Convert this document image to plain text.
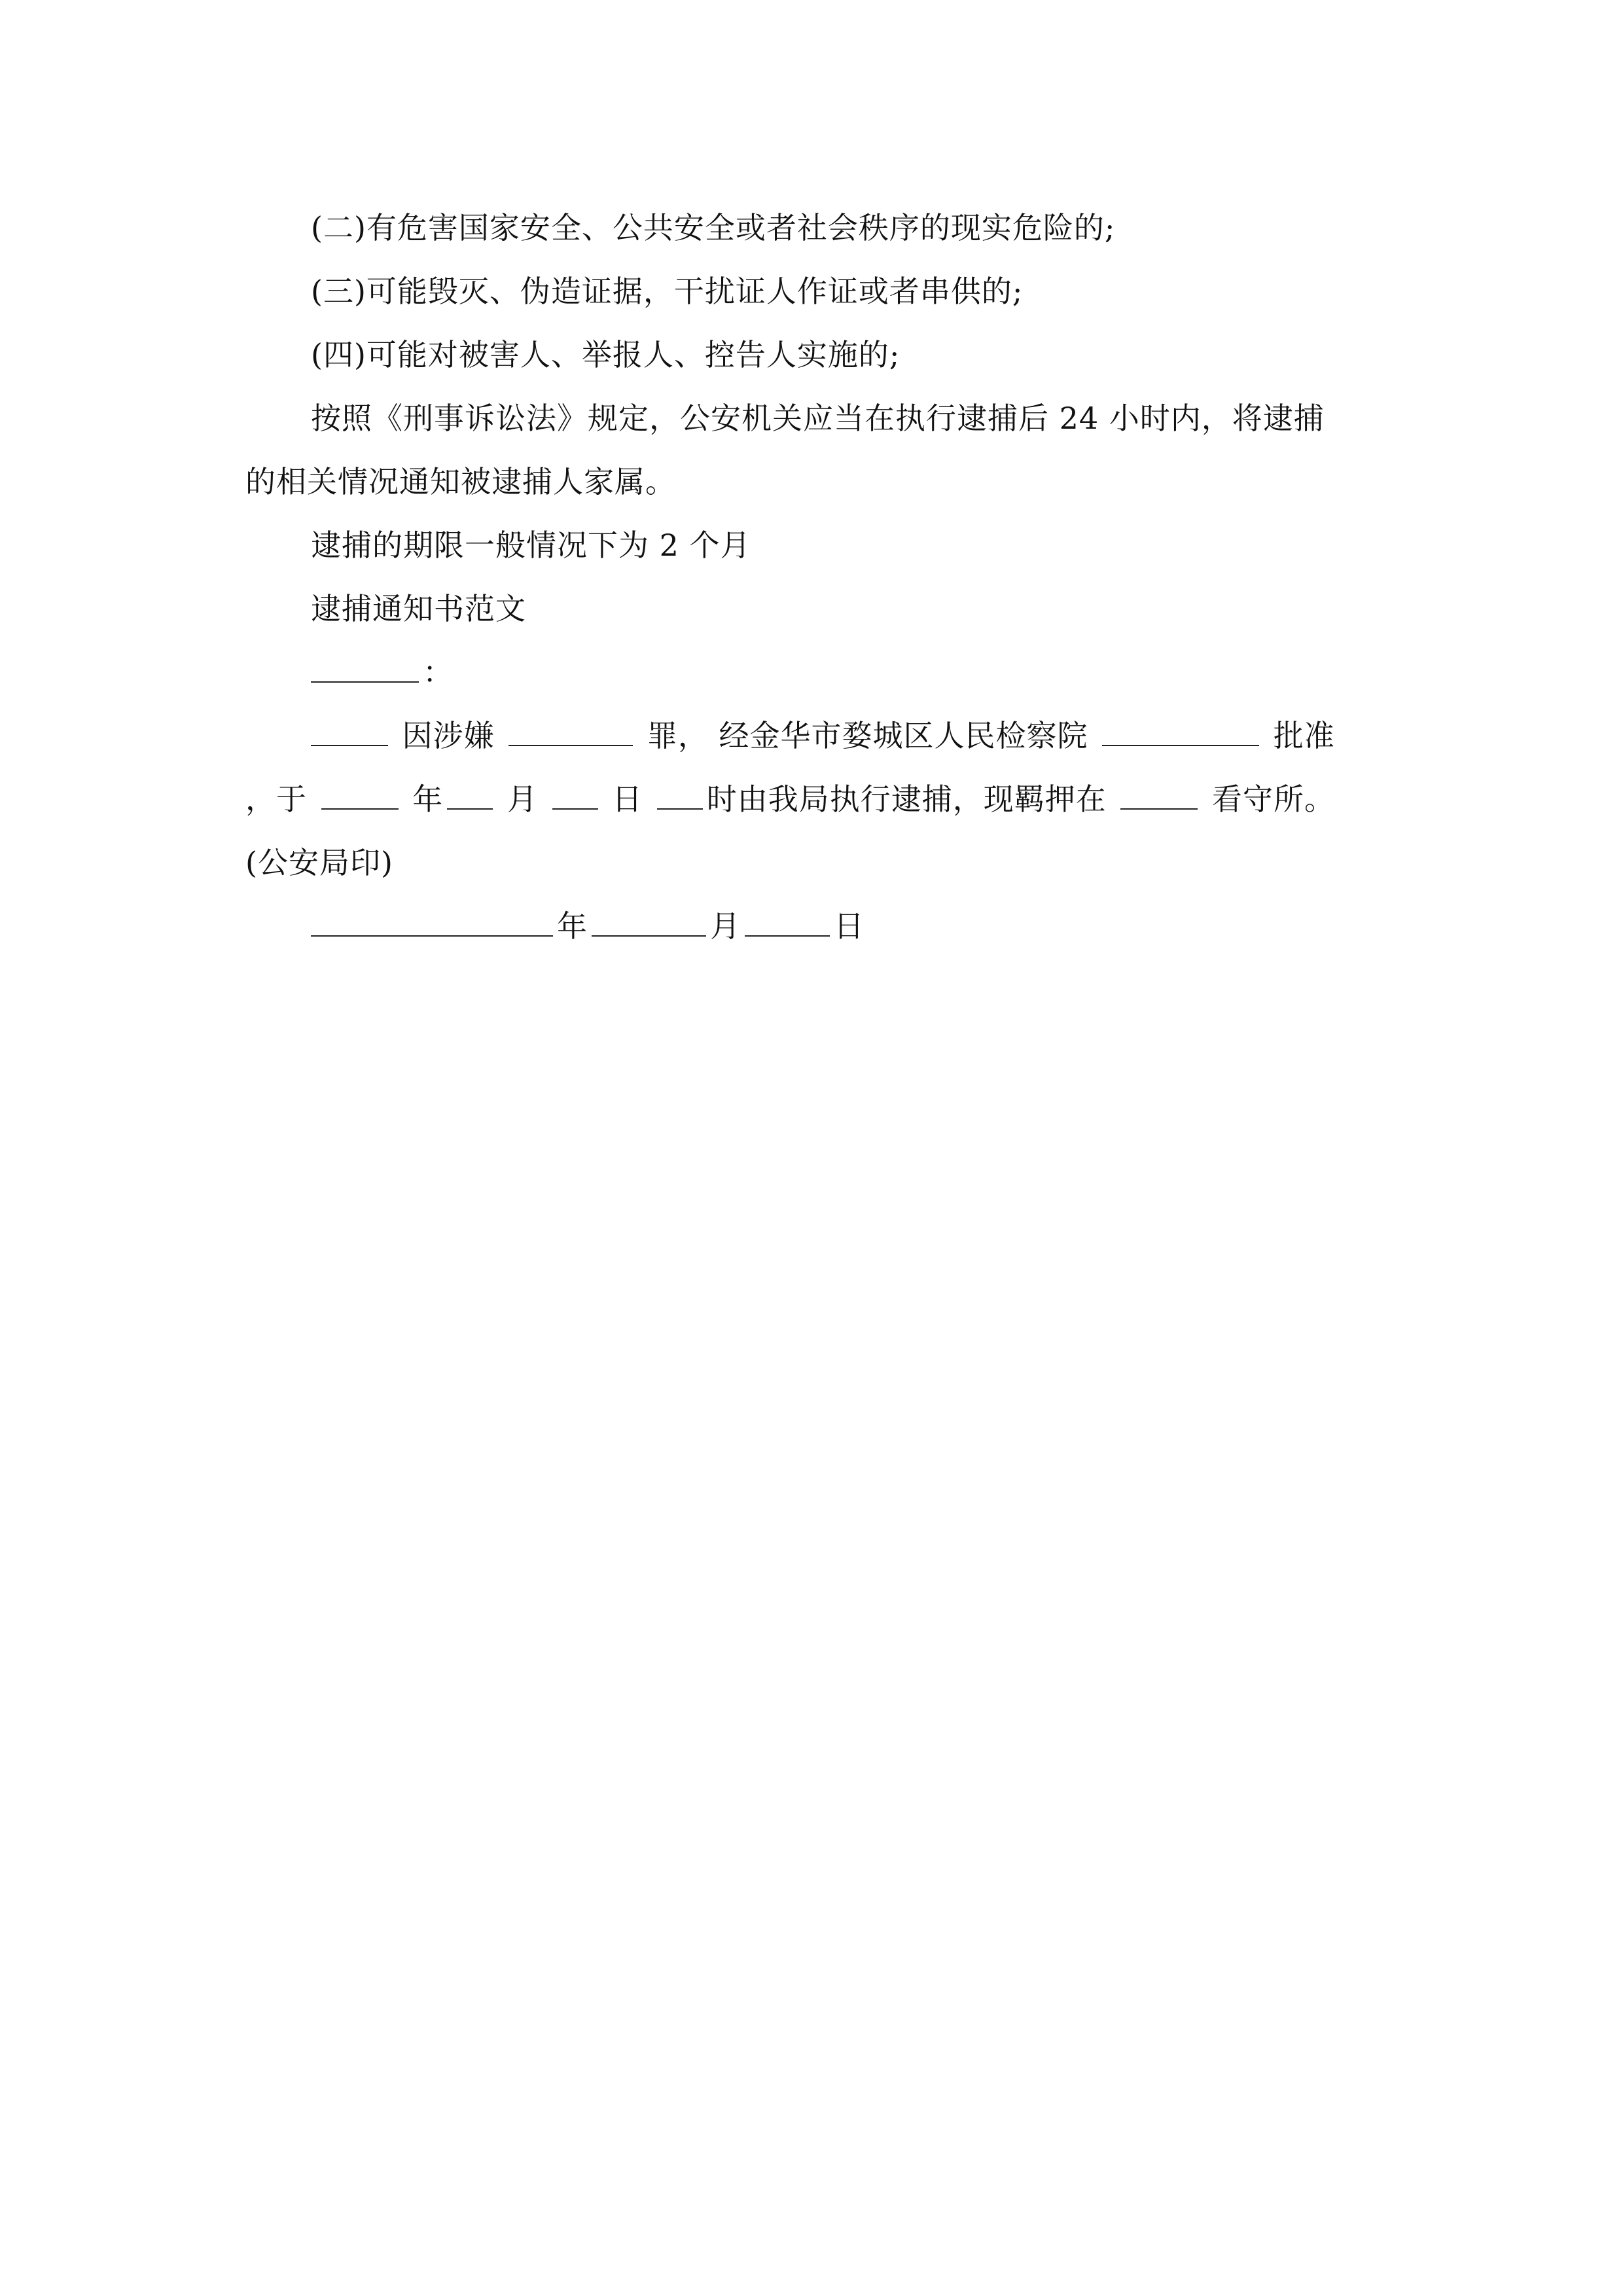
(二)有危害国家安全、公共安全或者社会秩序的现实危险的;
(三)可能毁灭、伪造证据，干扰证人作证或者串供的;
(四)可能对被害人、举报人、控告人实施的;
按照《刑事诉讼法》规定，公安机关应当在执行逮捕后 24 小时内，将逮捕
的相关情况通知被逮捕人家属。
逮捕的期限一般情况下为 2 个月
逮捕通知书范文
：
因涉嫌	罪， 经金华市婺城区人民检察院	批准
，于	年 月 日 时由我局执行逮捕，现羁押在	看守所。
(公安局印)
年	月	日
